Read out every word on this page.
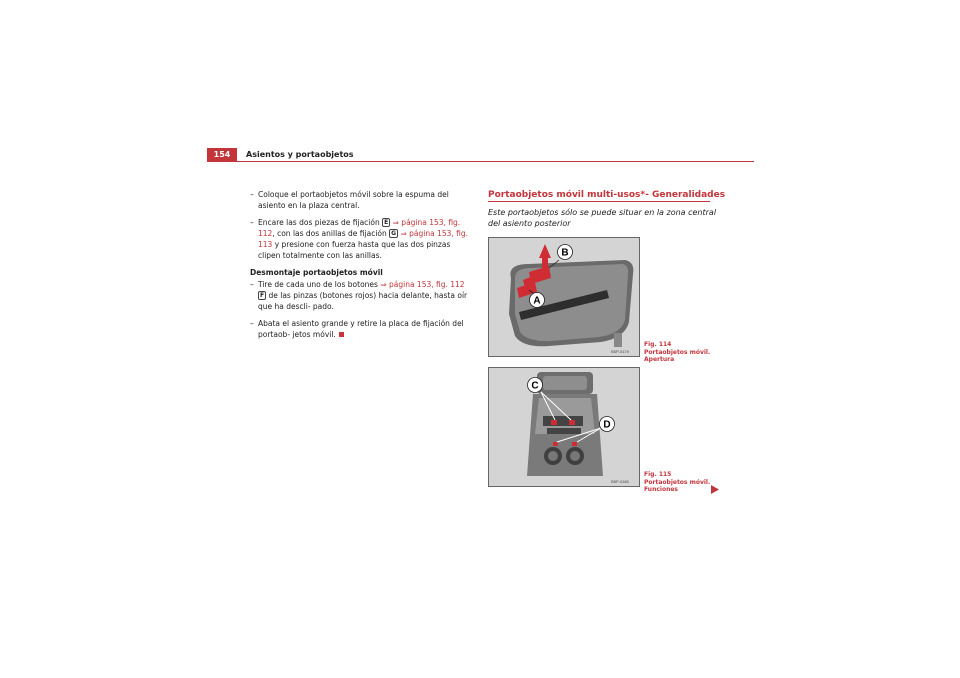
154	Asientos y portaobjetos

– Coloque el portaobjetos móvil sobre la espuma del asiento en la plaza central.

– Encare las dos piezas de fijación E ⇒ página 153, fig. 112, con las dos anillas de fijación G ⇒ página 153, fig. 113 y presione con fuerza hasta que las dos pinzas clipen totalmente con las anillas.

Desmontaje portaobjetos móvil

– Tire de cada uno de los botones ⇒ página 153, fig. 112 F de las pinzas (botones rojos) hacia delante, hasta oír que ha descli- pado.

– Abata el asiento grande y retire la placa de fijación del portaob- jetos móvil.

Portaobjetos móvil multi-usos*- Generalidades
Este portaobjetos sólo se puede situar en la zona central del asiento posterior
B
A
B5P-0179
Fig. 114 Portaobjetos móvil. Apertura
C
D
B5P-0180
Fig. 115 Portaobjetos móvil. Funciones
